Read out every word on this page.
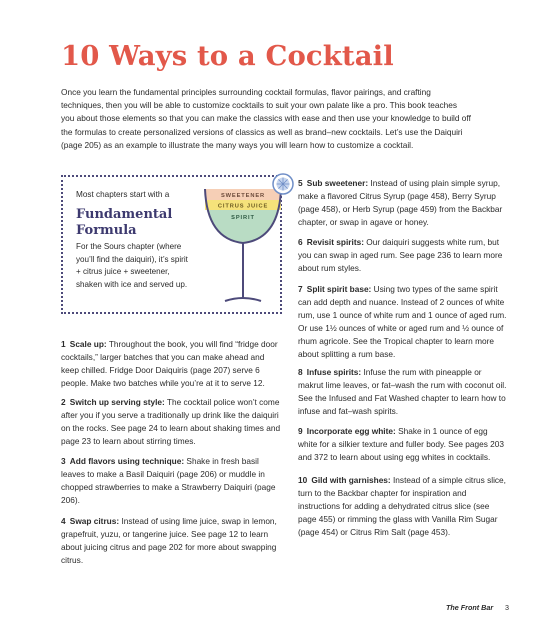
10 Ways to a Cocktail

Once you learn the fundamental principles surrounding cocktail formulas, flavor pairings, and crafting techniques, then you will be able to customize cocktails to suit your own palate like a pro. This book teaches you about those elements so that you can make the classics with ease and then use your knowledge to build off the formulas to create personalized versions of classics as well as brand–new cocktails. Let’s use the Daiquiri (page 205) as an example to illustrate the many ways you will learn how to customize a cocktail.

Most chapters start with a

Fundamental
Formula

For the Sours chapter (where you’ll find the daiquiri), it’s spirit + citrus juice + sweetener, shaken with ice and served up.

SWEETENER
CITRUS JUICE
SPIRIT

1  Scale up: Throughout the book, you will find “fridge door cocktails,” larger batches that you can make ahead and keep chilled. Fridge Door Daiquiris (page 207) serve 6 people. Make two batches while you’re at it to serve 12.

2  Switch up serving style: The cocktail police won’t come after you if you serve a traditionally up drink like the daiquiri on the rocks. See page 24 to learn about shaking times and page 23 to learn about stirring times.

3  Add flavors using technique: Shake in fresh basil leaves to make a Basil Daiquiri (page 206) or muddle in chopped strawberries to make a Strawberry Daiquiri (page 206).

4  Swap citrus: Instead of using lime juice, swap in lemon, grapefruit, yuzu, or tangerine juice. See page 12 to learn about juicing citrus and page 202 for more about swapping citrus.

5  Sub sweetener: Instead of using plain simple syrup, make a flavored Citrus Syrup (page 458), Berry Syrup (page 458), or Herb Syrup (page 459) from the Backbar chapter, or swap in agave or honey.

6  Revisit spirits: Our daiquiri suggests white rum, but you can swap in aged rum. See page 236 to learn more about rum styles.

7  Split spirit base: Using two types of the same spirit can add depth and nuance. Instead of 2 ounces of white rum, use 1 ounce of white rum and 1 ounce of aged rum. Or use 1½ ounces of white or aged rum and ½ ounce of rhum agricole. See the Tropical chapter to learn more about splitting a rum base.

8  Infuse spirits: Infuse the rum with pineapple or makrut lime leaves, or fat–wash the rum with coconut oil. See the Infused and Fat Washed chapter to learn how to infuse and fat–wash spirits.

9  Incorporate egg white: Shake in 1 ounce of egg white for a silkier texture and fuller body. See pages 203 and 372 to learn about using egg whites in cocktails.

10  Gild with garnishes: Instead of a simple citrus slice, turn to the Backbar chapter for inspiration and instructions for adding a dehydrated citrus slice (see page 455) or rimming the glass with Vanilla Rim Sugar (page 454) or Citrus Rim Salt (page 453).

The Front Bar 3
